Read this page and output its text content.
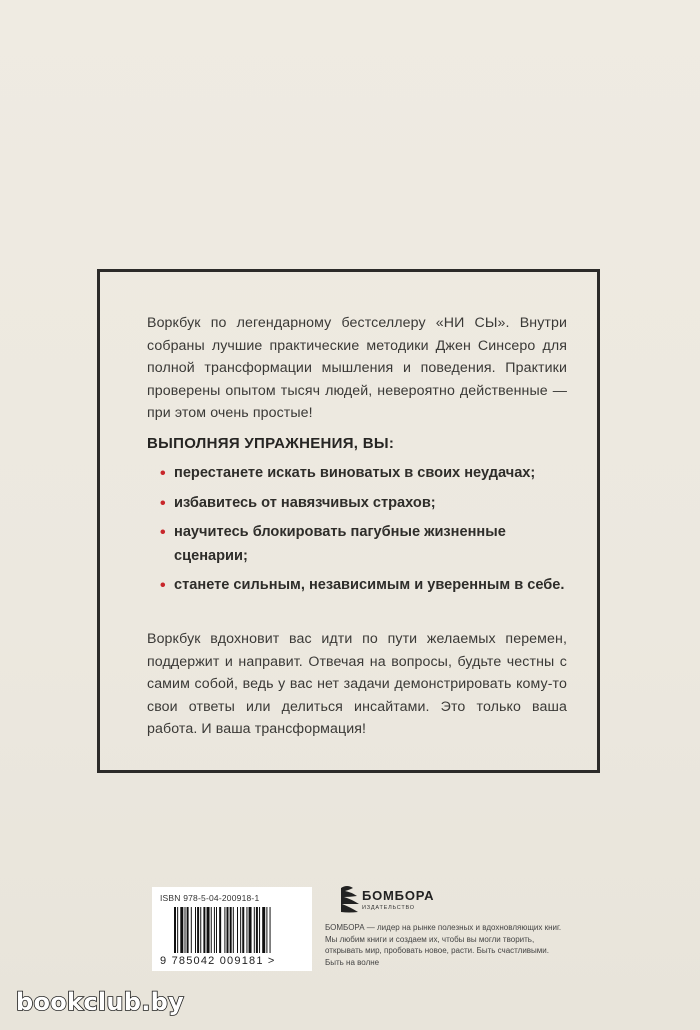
Воркбук по легендарному бестселлеру «НИ СЫ». Внутри собраны лучшие практические методики Джен Синсеро для полной трансформации мышления и поведения. Практики проверены опытом тысяч людей, невероятно действенные — при этом очень простые!
ВЫПОЛНЯЯ УПРАЖНЕНИЯ, ВЫ:
• перестанете искать виноватых в своих неудачах;
• избавитесь от навязчивых страхов;
• научитесь блокировать пагубные жизненные сценарии;
• станете сильным, независимым и уверенным в себе.
Воркбук вдохновит вас идти по пути желаемых перемен, поддержит и направит. Отвечая на вопросы, будьте честны с самим собой, ведь у вас нет задачи демонстрировать кому-то свои ответы или делиться инсайтами. Это только ваша работа. И ваша трансформация!
ISBN 978-5-04-200918-1
9 785042 009181 >
БОМБОРА
ИЗДАТЕЛЬСТВО
БОМБОРА — лидер на рынке полезных и вдохновляющих книг. Мы любим книги и создаем их, чтобы вы могли творить, открывать мир, пробовать новое, расти. Быть счастливыми. Быть на волне
bookclub.by
